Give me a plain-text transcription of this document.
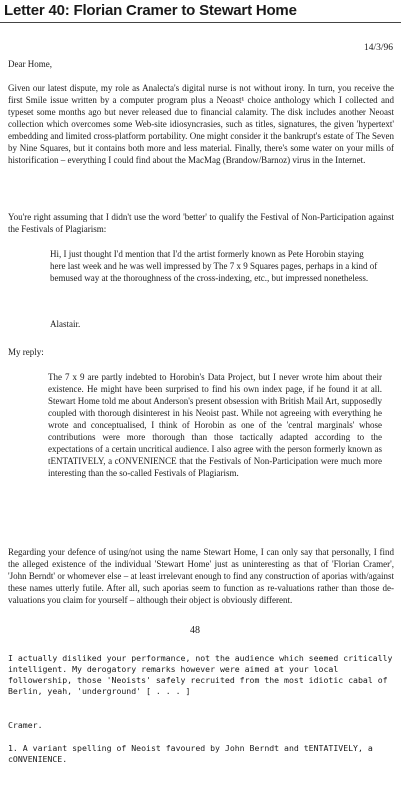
Letter 40: Florian Cramer to Stewart Home
14/3/96
Dear Home,
Given our latest dispute, my role as Analecta's digital nurse is not without irony. In turn, you receive the first Smile issue written by a computer program plus a Neoast¹ choice anthology which I collected and typeset some months ago but never released due to financial calamity. The disk includes another Neoast collection which overcomes some Web-site idiosyncrasies, such as titles, signatures, the given 'hypertext' embedding and limited cross-platform portability. One might consider it the bankrupt's estate of The Seven by Nine Squares, but it contains both more and less material. Finally, there's some water on your mills of historification – everything I could find about the MacMag (Brandow/Barnoz) virus in the Internet.
You're right assuming that I didn't use the word 'better' to qualify the Festival of Non-Participation against the Festivals of Plagiarism:
Hi, I just thought I'd mention that I'd the artist formerly known as Pete Horobin staying here last week and he was well impressed by The 7 x 9 Squares pages, perhaps in a kind of bemused way at the thoroughness of the cross-indexing, etc., but impressed nonetheless.
Alastair.
My reply:
The 7 x 9 are partly indebted to Horobin's Data Project, but I never wrote him about their existence. He might have been surprised to find his own index page, if he found it at all. Stewart Home told me about Anderson's present obsession with British Mail Art, supposedly coupled with thorough disinterest in his Neoist past. While not agreeing with everything he wrote and conceptualised, I think of Horobin as one of the 'central marginals' whose contributions were more thorough than those tactically adapted according to the expectations of a certain uncritical audience. I also agree with the person formerly known as tENTATIVELY, a cONVENIENCE that the Festivals of Non-Participation were much more interesting than the so-called Festivals of Plagiarism.
Regarding your defence of using/not using the name Stewart Home, I can only say that personally, I find the alleged existence of the individual 'Stewart Home' just as uninteresting as that of 'Florian Cramer', 'John Berndt' or whomever else – at least irrelevant enough to find any construction of aporias with/against these names utterly futile. After all, such aporias seem to function as re-valuations rather than those de-valuations you claim for yourself – although their object is obviously different.
48
I actually disliked your performance, not the audience which seemed critically intelligent. My derogatory remarks however were aimed at your local followership, those 'Neoists' safely recruited from the most idiotic cabal of Berlin, yeah, 'underground' [ . . . ]
Cramer.
1. A variant spelling of Neoist favoured by John Berndt and tENTATIVELY, a cONVENIENCE.
